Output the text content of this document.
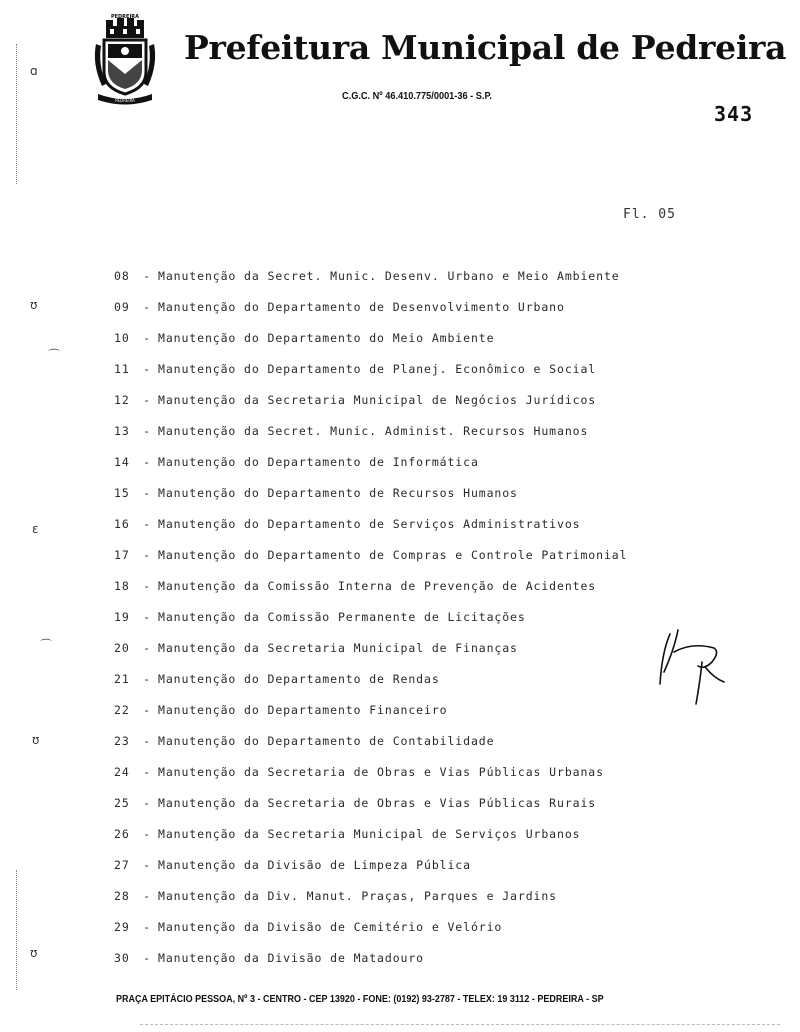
PEDREIRA
PEDREIRA
Prefeitura Municipal de Pedreira
C.G.C. Nº 46.410.775/0001-36 - S.P.
343
Fl. 05
08 - Manutenção da Secret. Munic. Desenv. Urbano e Meio Ambiente
09 - Manutenção do Departamento de Desenvolvimento Urbano
10 - Manutenção do Departamento do Meio Ambiente
11 - Manutenção do Departamento de Planej. Econômico e Social
12 - Manutenção da Secretaria Municipal de Negócios Jurídicos
13 - Manutenção da Secret. Munic. Administ. Recursos Humanos
14 - Manutenção do Departamento de Informática
15 - Manutenção do Departamento de Recursos Humanos
16 - Manutenção do Departamento de Serviços Administrativos
17 - Manutenção do Departamento de Compras e Controle Patrimonial
18 - Manutenção da Comissão Interna de Prevenção de Acidentes
19 - Manutenção da Comissão Permanente de Licitações
20 - Manutenção da Secretaria Municipal de Finanças
21 - Manutenção do Departamento de Rendas
22 - Manutenção do Departamento Financeiro
23 - Manutenção do Departamento de Contabilidade
24 - Manutenção da Secretaria de Obras e Vias Públicas Urbanas
25 - Manutenção da Secretaria de Obras e Vias Públicas Rurais
26 - Manutenção da Secretaria Municipal de Serviços Urbanos
27 - Manutenção da Divisão de Limpeza Pública
28 - Manutenção da Div. Manut. Praças, Parques e Jardins
29 - Manutenção da Divisão de Cemitério e Velório
30 - Manutenção da Divisão de Matadouro
ɑ
ʊ
⌒
ɛ
⌒
ʊ
ʊ
PRAÇA EPITÁCIO PESSOA, Nº 3 - CENTRO - CEP 13920 - FONE: (0192) 93-2787 - TELEX: 19 3112 - PEDREIRA - SP
